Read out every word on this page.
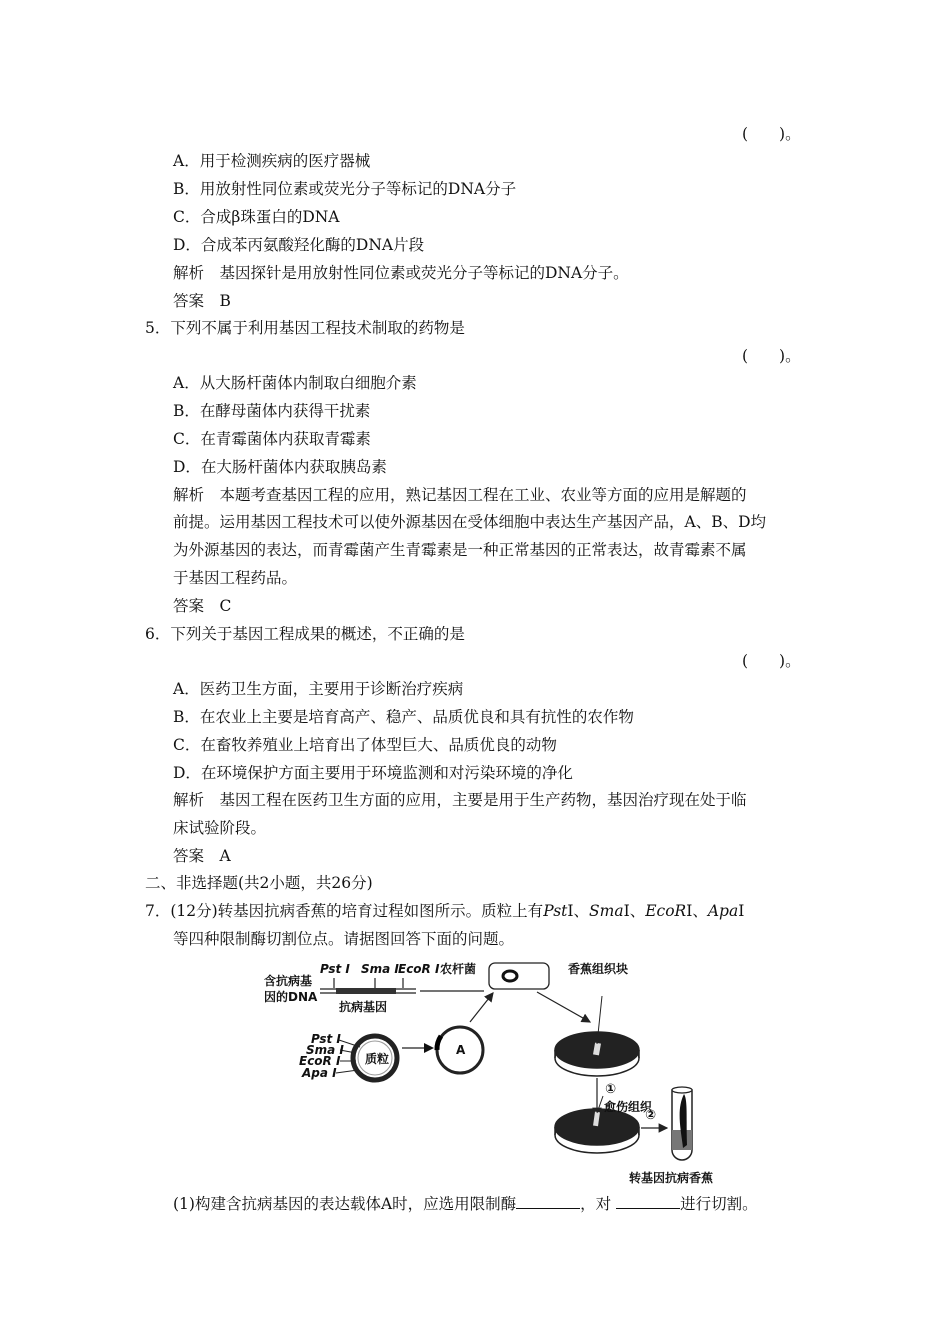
(　　)。
A．用于检测疾病的医疗器械
B．用放射性同位素或荧光分子等标记的DNA分子
C．合成β珠蛋白的DNA
D．合成苯丙氨酸羟化酶的DNA片段
解析　基因探针是用放射性同位素或荧光分子等标记的DNA分子。
答案　B
5．下列不属于利用基因工程技术制取的药物是
(　　)。
A．从大肠杆菌体内制取白细胞介素
B．在酵母菌体内获得干扰素
C．在青霉菌体内获取青霉素
D．在大肠杆菌体内获取胰岛素
解析　本题考查基因工程的应用，熟记基因工程在工业、农业等方面的应用是解题的
前提。运用基因工程技术可以使外源基因在受体细胞中表达生产基因产品，A、B、D均
为外源基因的表达，而青霉菌产生青霉素是一种正常基因的正常表达，故青霉素不属
于基因工程药品。
答案　C
6．下列关于基因工程成果的概述，不正确的是
(　　)。
A．医药卫生方面，主要用于诊断治疗疾病
B．在农业上主要是培育高产、稳产、品质优良和具有抗性的农作物
C．在畜牧养殖业上培育出了体型巨大、品质优良的动物
D．在环境保护方面主要用于环境监测和对污染环境的净化
解析　基因工程在医药卫生方面的应用，主要是用于生产药物，基因治疗现在处于临
床试验阶段。
答案　A
二、非选择题(共2小题，共26分)
7．(12分)转基因抗病香蕉的培育过程如图所示。质粒上有PstⅠ、SmaⅠ、EcoRⅠ、ApaⅠ
等四种限制酶切割位点。请据图回答下面的问题。
含抗病基
因的DNA
Pst Ⅰ Sma Ⅰ EcoR Ⅰ
抗病基因
农杆菌	香蕉组织块
Pst Ⅰ
Sma Ⅰ
EcoR Ⅰ
Apa Ⅰ
质粒
A
①
愈伤组织
②
转基因抗病香蕉
(1)构建含抗病基因的表达载体A时，应选用限制酶	，对	进行切割。
